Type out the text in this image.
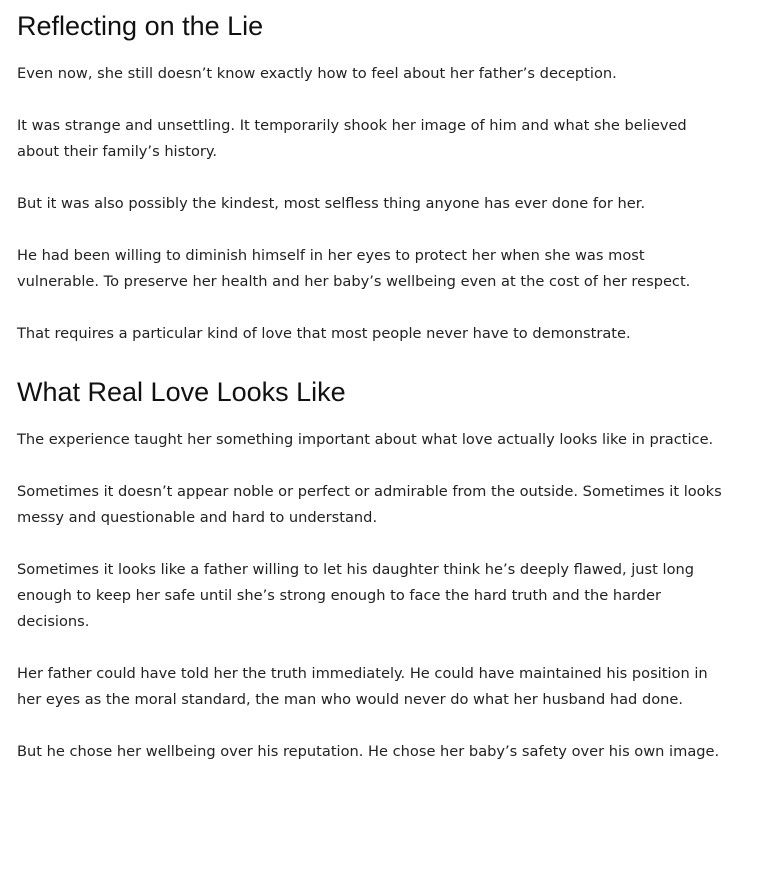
Reflecting on the Lie

Even now, she still doesn’t know exactly how to feel about her father’s deception.

It was strange and unsettling. It temporarily shook her image of him and what she believed about their family’s history.

But it was also possibly the kindest, most selfless thing anyone has ever done for her.

He had been willing to diminish himself in her eyes to protect her when she was most vulnerable. To preserve her health and her baby’s wellbeing even at the cost of her respect.

That requires a particular kind of love that most people never have to demonstrate.

What Real Love Looks Like

The experience taught her something important about what love actually looks like in practice.

Sometimes it doesn’t appear noble or perfect or admirable from the outside. Sometimes it looks messy and questionable and hard to understand.

Sometimes it looks like a father willing to let his daughter think he’s deeply flawed, just long enough to keep her safe until she’s strong enough to face the hard truth and the harder decisions.

Her father could have told her the truth immediately. He could have maintained his position in her eyes as the moral standard, the man who would never do what her husband had done.

But he chose her wellbeing over his reputation. He chose her baby’s safety over his own image.
